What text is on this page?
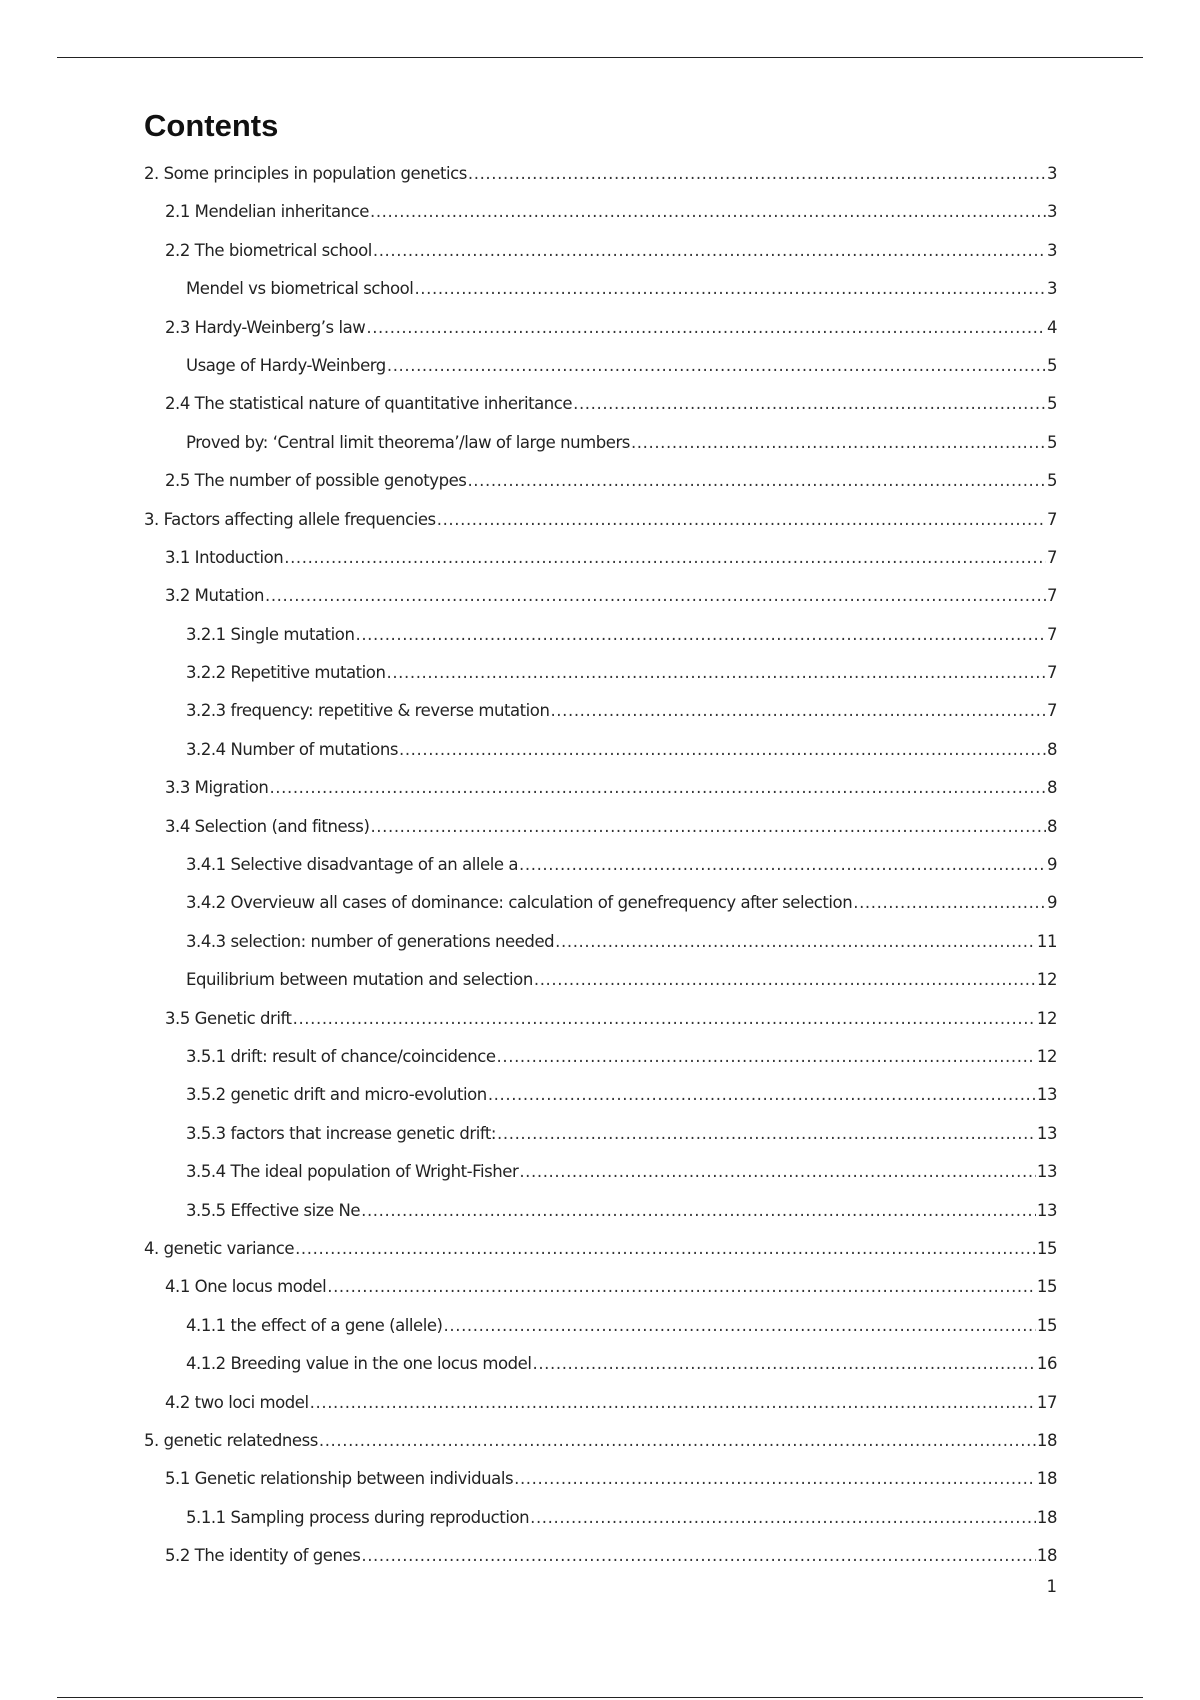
Contents
2. Some principles in population genetics .....	3
2.1 Mendelian inheritance .....	3
2.2 The biometrical school .....	3
Mendel vs biometrical school .....	3
2.3 Hardy-Weinberg’s law .....	4
Usage of Hardy-Weinberg .....	5
2.4 The statistical nature of quantitative inheritance .....	5
Proved by: ‘Central limit theorema’/law of large numbers .....	5
2.5 The number of possible genotypes .....	5
3. Factors affecting allele frequencies .....	7
3.1 Intoduction .....	7
3.2 Mutation .....	7
3.2.1 Single mutation .....	7
3.2.2 Repetitive mutation .....	7
3.2.3 frequency: repetitive & reverse mutation .....	7
3.2.4 Number of mutations .....	8
3.3 Migration .....	8
3.4 Selection (and fitness) .....	8
3.4.1 Selective disadvantage of an allele a .....	9
3.4.2 Overvieuw all cases of dominance: calculation of genefrequency after selection .....	9
3.4.3 selection: number of generations needed .....	11
Equilibrium between mutation and selection .....	12
3.5 Genetic drift .....	12
3.5.1 drift: result of chance/coincidence .....	12
3.5.2 genetic drift and micro-evolution .....	13
3.5.3 factors that increase genetic drift: .....	13
3.5.4 The ideal population of Wright-Fisher .....	13
3.5.5 Effective size Ne .....	13
4. genetic variance .....	15
4.1 One locus model .....	15
4.1.1 the effect of a gene (allele) .....	15
4.1.2 Breeding value in the one locus model .....	16
4.2 two loci model .....	17
5. genetic relatedness .....	18
5.1 Genetic relationship between individuals .....	18
5.1.1 Sampling process during reproduction .....	18
5.2 The identity of genes .....	18
1
